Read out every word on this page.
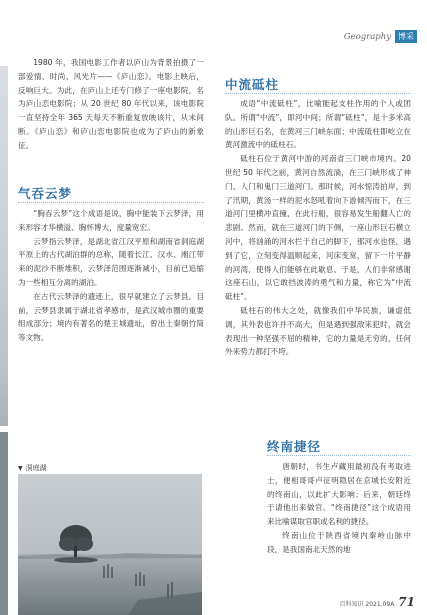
Geography 博采

1980 年，我国电影工作者以庐山为背景拍摄了一部爱情、时尚、风光片——《庐山恋》。电影上映后，反响巨大。为此，在庐山上还专门修了一座电影院，名为庐山恋电影院；从 20 世纪 80 年代以来，该电影院一直坚持全年 365 天每天不断重复放映该片，从未间断。《庐山恋》和庐山恋电影院也成为了庐山的新象征。

气吞云梦

“胸吞云梦”这个成语是说，胸中能装下云梦泽，用来形容才华横溢、胸怀博大，度量宽宏。

云梦指云梦泽，是湖北省江汉平原和湖南省洞庭湖平原上的古代湖泊群的总称，随着长江、汉水、湘江带来的泥沙不断堆积，云梦泽范围逐渐减小，目前已追缩为一些相互分离的湖泊。

在古代云梦泽的遗迹上，很早就建立了云梦县。目前，云梦县隶属于湖北省孝感市，是武汉城市圈的重要组成部分；境内有著名的楚王城遗址，曾出土秦朝竹简等文物。

▼ 洞庭湖
中流砥柱

成语“中流砥柱”，比喻能起支柱作用的个人或团队。所谓“中流”，即河中间；所谓“砥柱”，是十多米高的山形巨石名，在黄河三门峡东面；中流砥柱即屹立在黄河激流中的砥柱石。

砥柱石位于黄河中游的河南省三门峡市境内。20 世纪 50 年代之前，黄河自然流淌，在三门峡形成了神门、人门和鬼门三道河门。那时候，河水惊涛拍岸，到了汛期，黄汤一样的泥水怒吼着向下游倾泻而下，在三道河门里横冲直撞，在此行船，很容易发生船翻人亡的悲剧。然而，就在三道河门的下侧，一座山形巨石横立河中，将汹涌的河水拦于自己的脚下，那河水也怪，遇到了它，立刻变得温顺起来，河床变宽，留下一片平静的河湾，使得人们能够在此歇息。于是，人们非常感谢这座石山，以它敢挡波涛的勇气和力量，称它为“中流砥柱”。

砥柱石的伟大之处，就像我们中华民族，谦虚低调，其外表也许并不高大，但是遇到强敌来犯时，就会表现出一种坚强不屈的精神，它的力量是无穷的，任何外来势力都打不垮。

终南捷径

唐朝时，书生卢藏用最初没有考取进士，便相哥哥卢征明隐居在京城长安附近的终南山，以此扩大影响；后来，朝廷终于请他出来做官。“终南捷径”这个成语用来比喻谋取官职或名利的捷径。

终南山位于陕西省境内秦岭山脉中段，是我国南北天然的地

百科知识 2021.09A 71
